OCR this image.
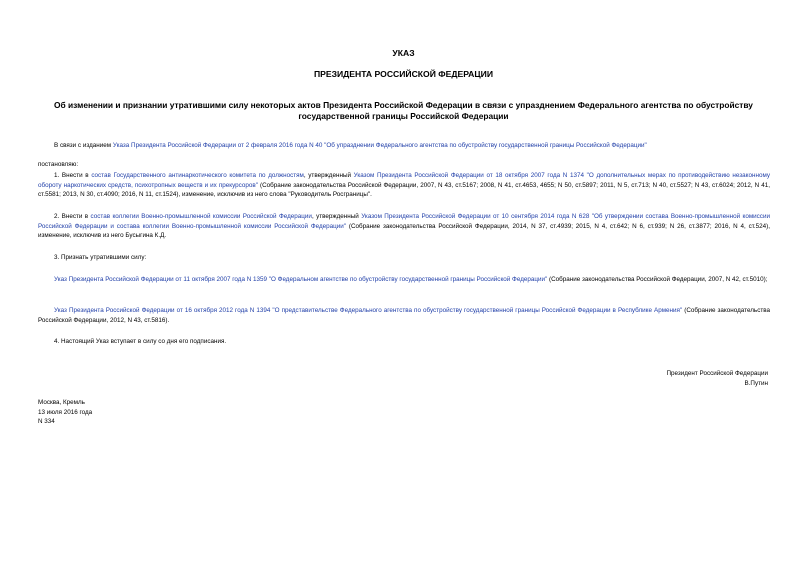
УКАЗ
ПРЕЗИДЕНТА РОССИЙСКОЙ ФЕДЕРАЦИИ
Об изменении и признании утратившими силу некоторых актов Президента Российской Федерации в связи с упразднением Федерального агентства по обустройству государственной границы Российской Федерации
В связи с изданием Указа Президента Российской Федерации от 2 февраля 2016 года N 40 "Об упразднении Федерального агентства по обустройству государственной границы Российской Федерации"
постановляю:
1. Внести в состав Государственного антинаркотического комитета по должностям, утвержденный Указом Президента Российской Федерации от 18 октября 2007 года N 1374 "О дополнительных мерах по противодействию незаконному обороту наркотических средств, психотропных веществ и их прекурсоров" (Собрание законодательства Российской Федерации, 2007, N 43, ст.5167; 2008, N 41, ст.4653, 4655; N 50, ст.5897; 2011, N 5, ст.713; N 40, ст.5527; N 43, ст.6024; 2012, N 41, ст.5581; 2013, N 30, ст.4090; 2016, N 11, ст.1524), изменение, исключив из него слова "Руководитель Росграницы".
2. Внести в состав коллегии Военно-промышленной комиссии Российской Федерации, утвержденный Указом Президента Российской Федерации от 10 сентября 2014 года N 628 "Об утверждении состава Военно-промышленной комиссии Российской Федерации и состава коллегии Военно-промышленной комиссии Российской Федерации" (Собрание законодательства Российской Федерации, 2014, N 37, ст.4939; 2015, N 4, ст.642; N 6, ст.939; N 26, ст.3877; 2016, N 4, ст.524), изменение, исключив из него Бусыгина К.Д.
3. Признать утратившими силу:
Указ Президента Российской Федерации от 11 октября 2007 года N 1359 "О Федеральном агентстве по обустройству государственной границы Российской Федерации" (Собрание законодательства Российской Федерации, 2007, N 42, ст.5010);
Указ Президента Российской Федерации от 16 октября 2012 года N 1394 "О представительстве Федерального агентства по обустройству государственной границы Российской Федерации в Республике Армения" (Собрание законодательства Российской Федерации, 2012, N 43, ст.5816).
4. Настоящий Указ вступает в силу со дня его подписания.
Президент Российской Федерации
В.Путин
Москва, Кремль
13 июля 2016 года
N 334
